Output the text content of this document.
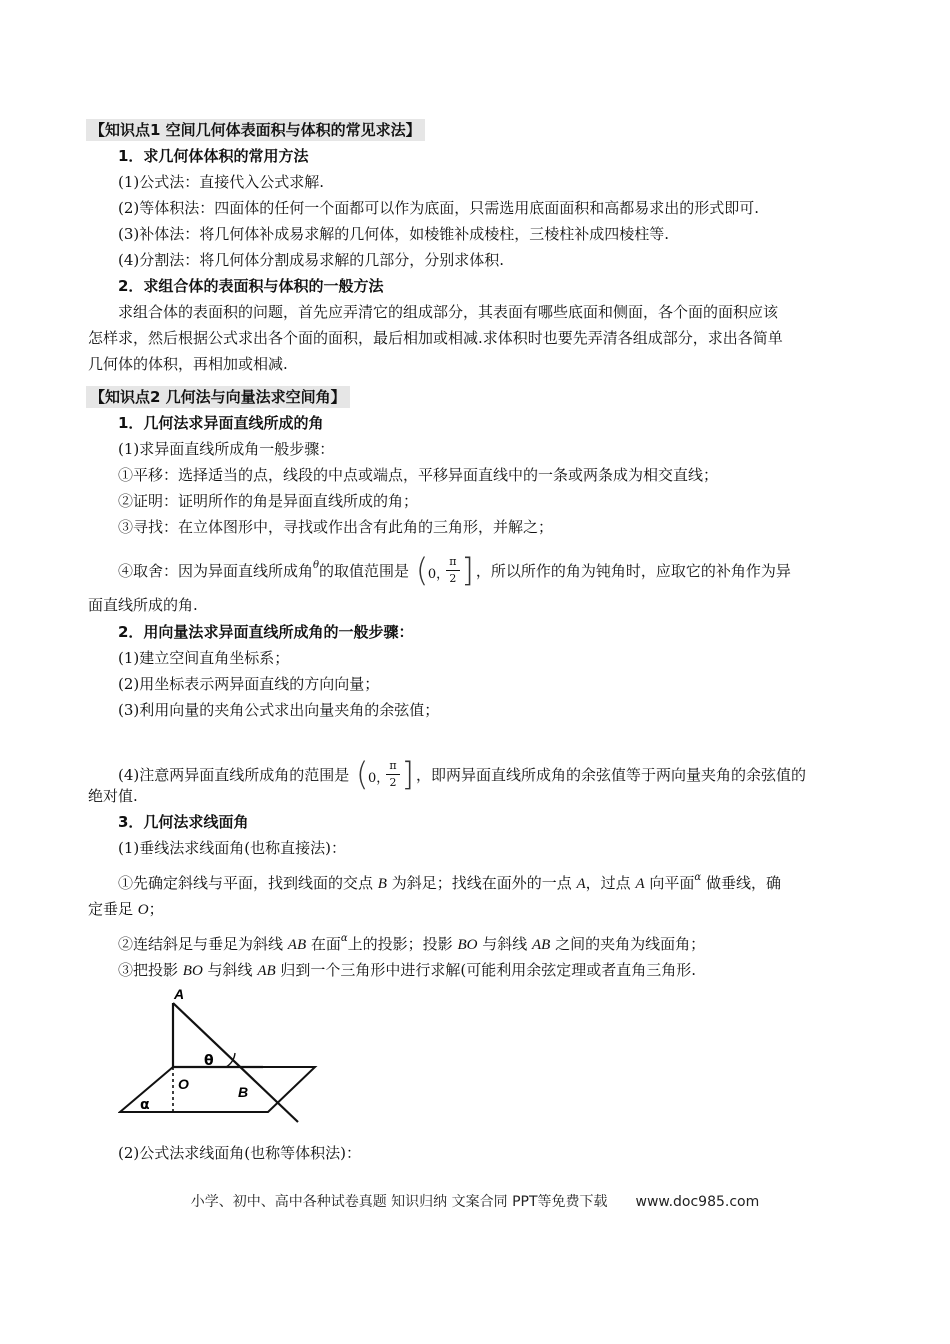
【知识点1 空间几何体表面积与体积的常见求法】
1．求几何体体积的常用方法
(1)公式法：直接代入公式求解.
(2)等体积法：四面体的任何一个面都可以作为底面，只需选用底面面积和高都易求出的形式即可.
(3)补体法：将几何体补成易求解的几何体，如棱锥补成棱柱，三棱柱补成四棱柱等.
(4)分割法：将几何体分割成易求解的几部分，分别求体积.
2．求组合体的表面积与体积的一般方法
求组合体的表面积的问题，首先应弄清它的组成部分，其表面有哪些底面和侧面，各个面的面积应该
怎样求，然后根据公式求出各个面的面积，最后相加或相减.求体积时也要先弄清各组成部分，求出各简单
几何体的体积，再相加或相减.
【知识点2 几何法与向量法求空间角】
1．几何法求异面直线所成的角
(1)求异面直线所成角一般步骤：
①平移：选择适当的点，线段的中点或端点，平移异面直线中的一条或两条成为相交直线；
②证明：证明所作的角是异面直线所成的角；
③寻找：在立体图形中，寻找或作出含有此角的三角形，并解之；
④取舍：因为异面直线所成角$^\theta$的取值范围是 ( 0，
$\frac{\pi}{2}$ ] ，所以所作的角为钝角时，应取它的补角作为异
面直线所成的角.
2．用向量法求异面直线所成角的一般步骤：
(1)建立空间直角坐标系；
(2)用坐标表示两异面直线的方向向量；
(3)利用向量的夹角公式求出向量夹角的余弦值；
(4)注意两异面直线所成角的范围是 ( 0，
$\frac{\pi}{2}$ ] ，即两异面直线所成角的余弦值等于两向量夹角的余弦值的
绝对值.
3．几何法求线面角
(1)垂线法求线面角(也称直接法)：
①先确定斜线与平面，找到线面的交点 B 为斜足；找线在面外的一点 A，过点 A 向平面$^\alpha$ 做垂线，确
定垂足 O；
②连结斜足与垂足为斜线 AB 在面$^\alpha$上的投影；投影 BO 与斜线 AB 之间的夹角为线面角；
③把投影 BO 与斜线 AB 归到一个三角形中进行求解(可能利用余弦定理或者直角三角形.
A
O	B
θ
α
(2)公式法求线面角(也称等体积法)：
小学、初中、高中各种试卷真题 知识归纳 文案合同 PPT等免费下载 www.doc985.com
